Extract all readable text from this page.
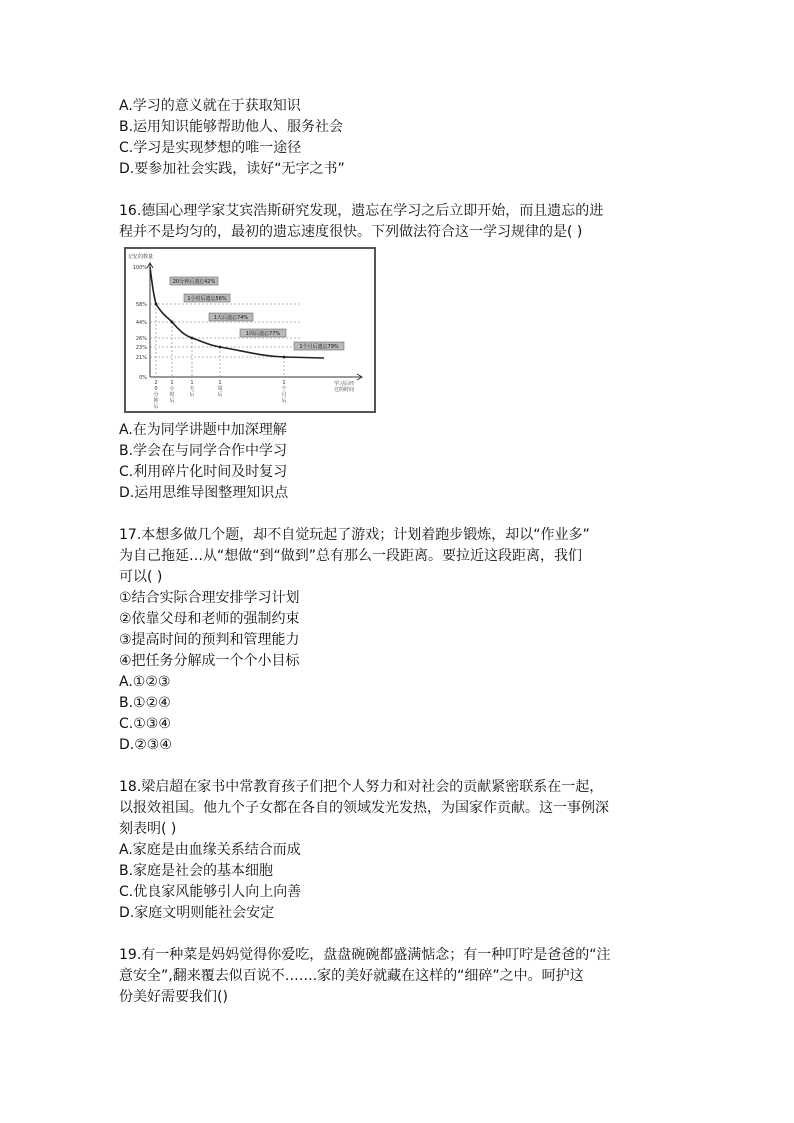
A.学习的意义就在于获取知识
B.运用知识能够帮助他人、服务社会
C.学习是实现梦想的唯一途径
D.要参加社会实践，读好“无字之书”
16.德国心理学家艾宾浩斯研究发现，遗忘在学习之后立即开始，而且遗忘的进
程并不是均匀的，最初的遗忘速度很快。下列做法符合这一学习规律的是( )
记忆的数量
100%
58%
44%
26%
23%
21%
0%
2 0 分钟后
1 小时后
1 天后
1 周后
1 个月后
学习后经过的时间
20分钟后遗忘42%
1小时后遗忘56%
1天后遗忘74%
1周后遗忘77%
1个月后遗忘79%
A.在为同学讲题中加深理解
B.学会在与同学合作中学习
C.利用碎片化时间及时复习
D.运用思维导图整理知识点
17.本想多做几个题，却不自觉玩起了游戏；计划着跑步锻炼，却以“作业多”
为自己拖延…从“想做“到“做到”总有那么一段距离。要拉近这段距离，我们
可以( )
①结合实际合理安排学习计划
②依靠父母和老师的强制约束
③提高时间的预判和管理能力
④把任务分解成一个个小目标
A.①②③
B.①②④
C.①③④
D.②③④
18.梁启超在家书中常教育孩子们把个人努力和对社会的贡献紧密联系在一起，
以报效祖国。他九个子女都在各自的领域发光发热，为国家作贡献。这一事例深
刻表明( )
A.家庭是由血缘关系结合而成
B.家庭是社会的基本细胞
C.优良家风能够引人向上向善
D.家庭文明则能社会安定
19.有一种菜是妈妈觉得你爱吃，盘盘碗碗都盛满惦念；有一种叮咛是爸爸的“注
意安全”,翻来覆去似百说不…….家的美好就藏在这样的“细碎”之中。呵护这
份美好需要我们()
